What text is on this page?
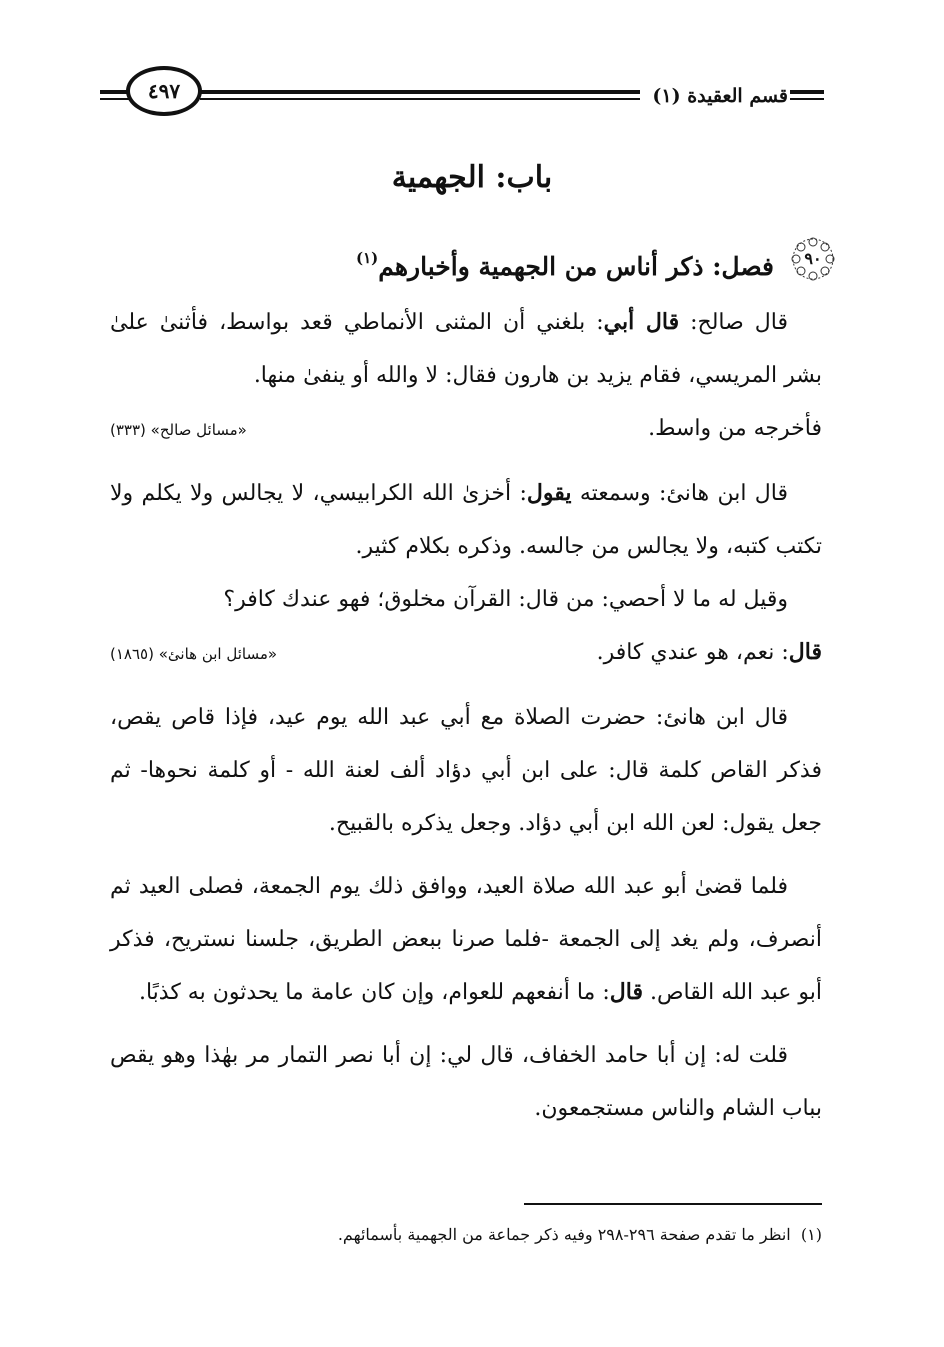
قسم العقيدة (١)
٤٩٧
باب: الجهمية
٩٠
فصل: ذكر أناس من الجهمية وأخبارهم$^{(١)}$

قال صالح: قال أبي: بلغني أن المثنى الأنماطي قعد بواسط، فأثنىٰ علىٰ بشر المريسي، فقام يزيد بن هارون فقال: لا والله أو ينفىٰ منها.

فأخرجه من واسط.
«مسائل صالح» (٣٣٣)

قال ابن هانئ: وسمعته يقول: أخزىٰ الله الكرابيسي، لا يجالس ولا يكلم ولا تكتب كتبه، ولا يجالس من جالسه. وذكره بكلام كثير.

وقيل له ما لا أحصي: من قال: القرآن مخلوق؛ فهو عندك كافر؟

قال: نعم، هو عندي كافر.
«مسائل ابن هانئ» (١٨٦٥)

قال ابن هانئ: حضرت الصلاة مع أبي عبد الله يوم عيد، فإذا قاص يقص، فذكر القاص كلمة قال: على ابن أبي دؤاد ألف لعنة الله - أو كلمة نحوها- ثم جعل يقول: لعن الله ابن أبي دؤاد. وجعل يذكره بالقبيح.

فلما قضىٰ أبو عبد الله صلاة العيد، ووافق ذلك يوم الجمعة، فصلى العيد ثم أنصرف، ولم يغد إلى الجمعة -فلما صرنا ببعض الطريق، جلسنا نستريح، فذكر أبو عبد الله القاص. قال: ما أنفعهم للعوام، وإن كان عامة ما يحدثون به كذبًا.

قلت له: إن أبا حامد الخفاف، قال لي: إن أبا نصر التمار مر بهٰذا وهو يقص بباب الشام والناس مستجمعون.

(١)  انظر ما تقدم صفحة ٢٩٦-٢٩٨ وفيه ذكر جماعة من الجهمية بأسمائهم.
